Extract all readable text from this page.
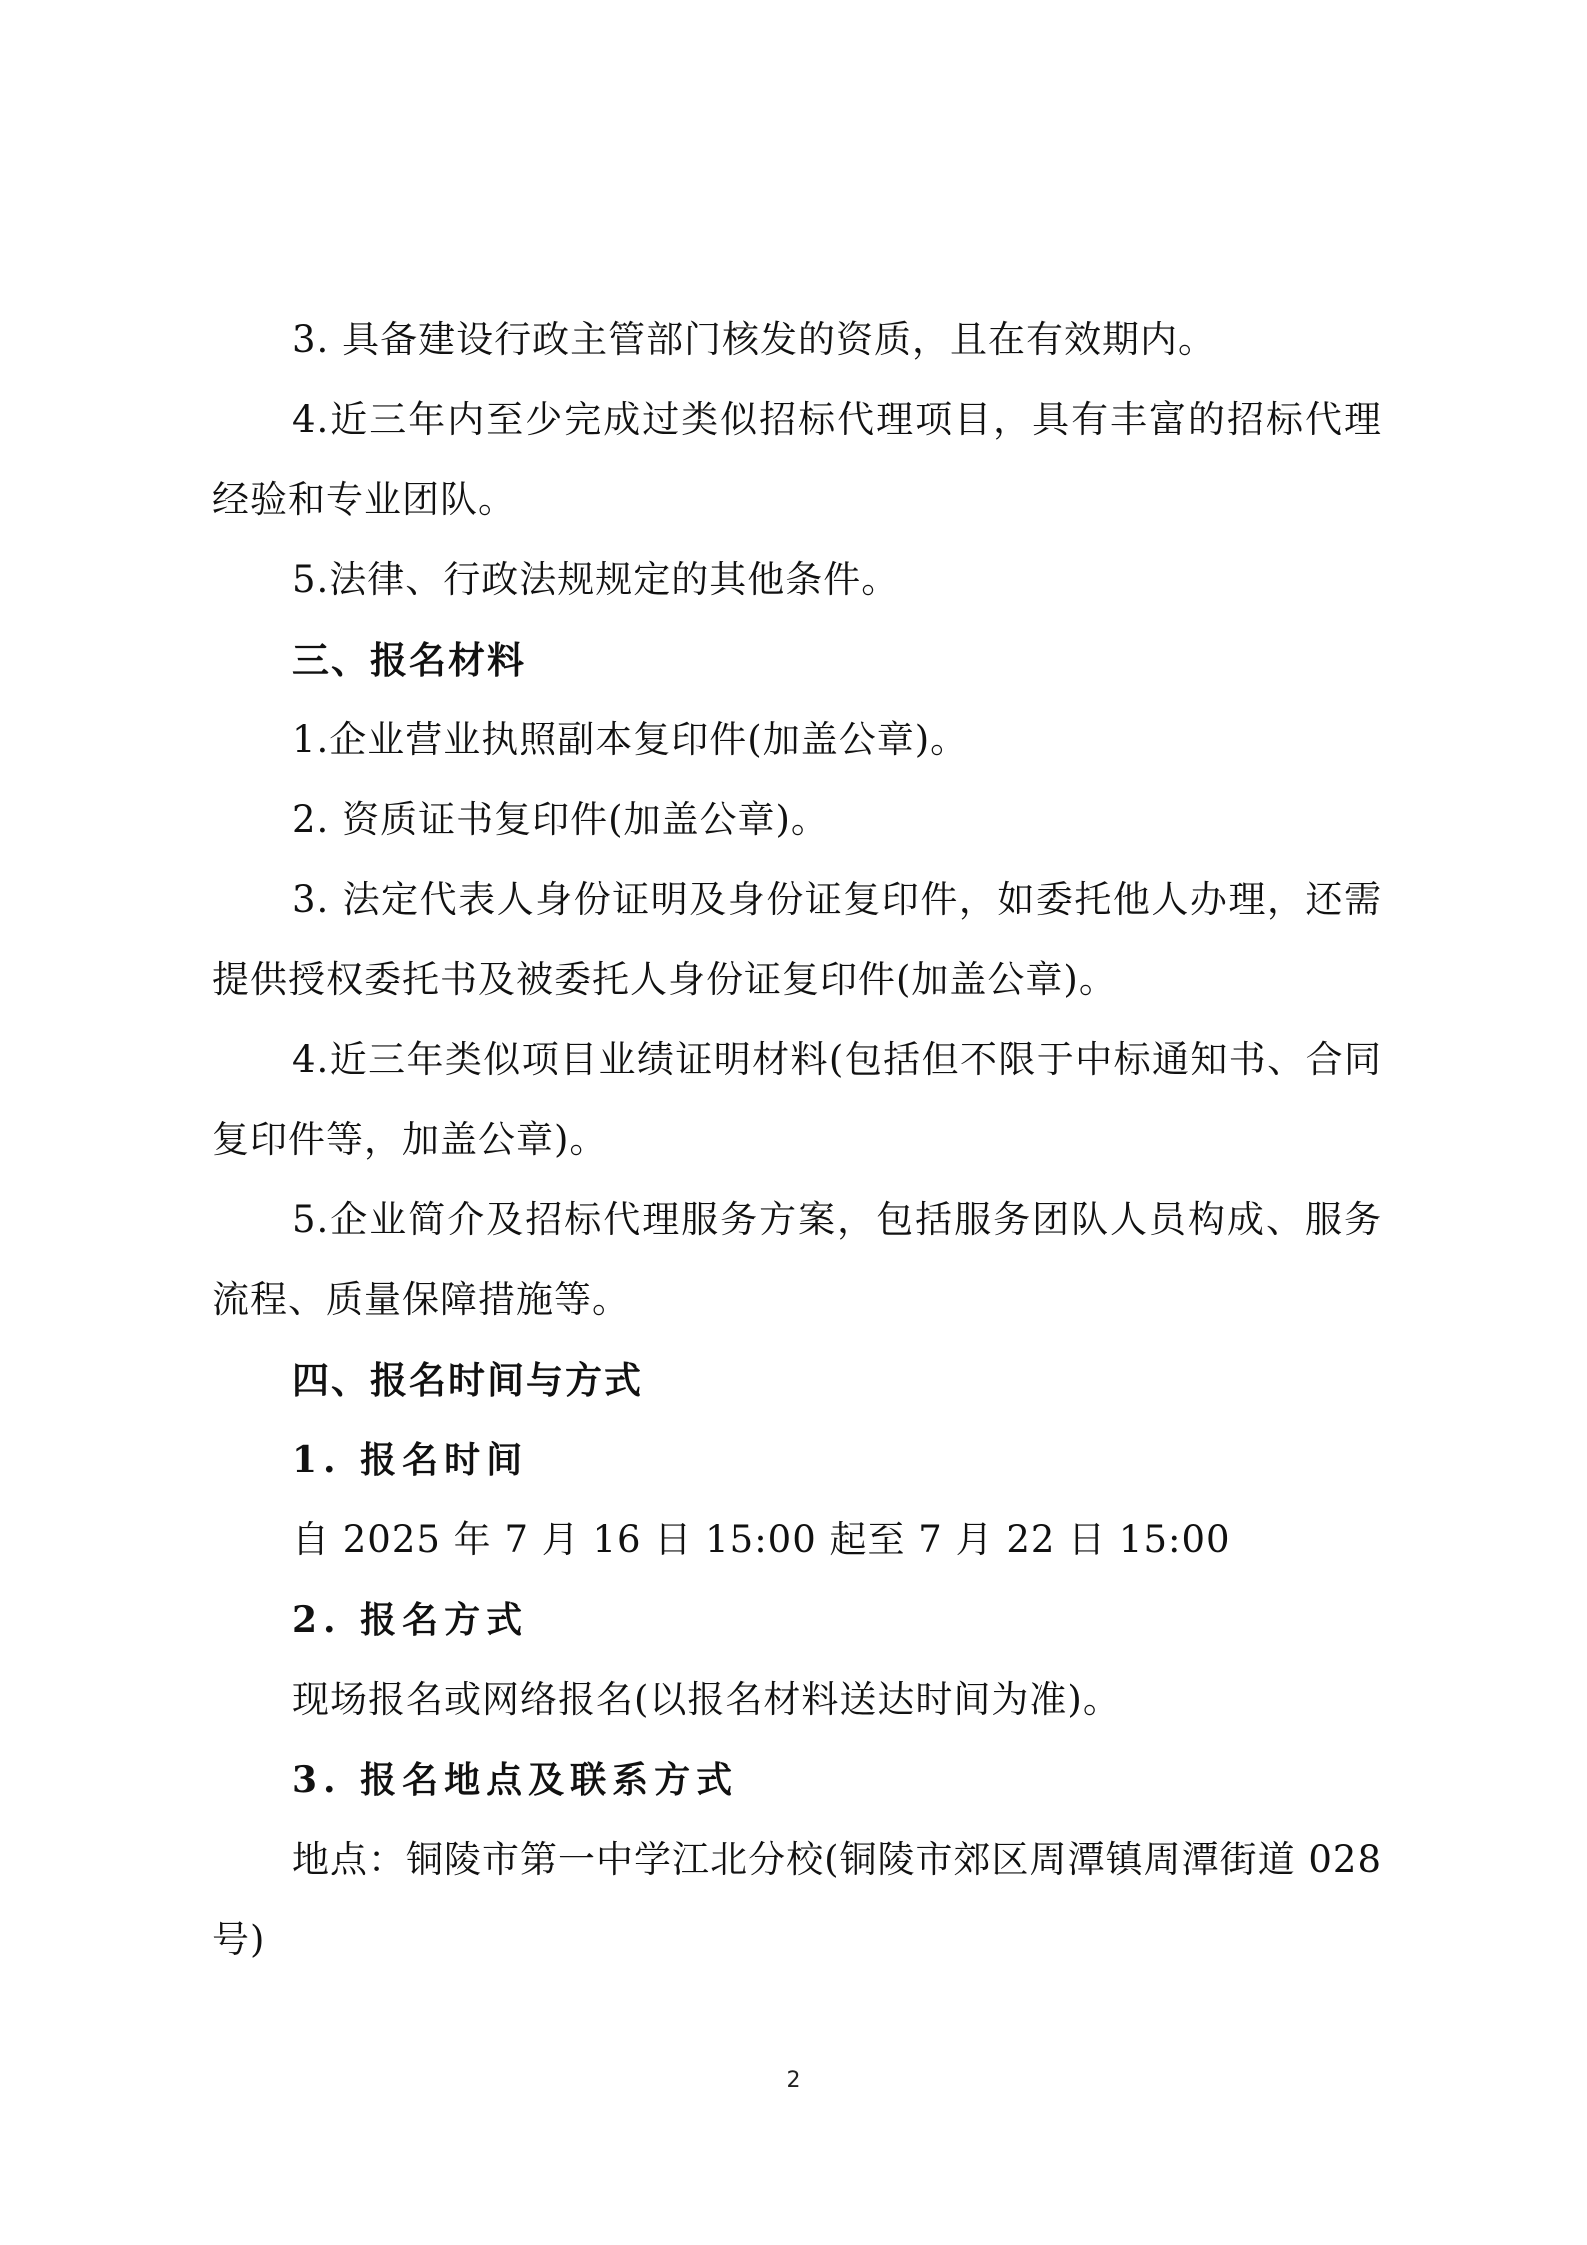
3. 具备建设行政主管部门核发的资质，且在有效期内。

4.近三年内至少完成过类似招标代理项目，具有丰富的招标代理经验和专业团队。

5.法律、行政法规规定的其他条件。

三、报名材料

1.企业营业执照副本复印件(加盖公章)。

2. 资质证书复印件(加盖公章)。

3. 法定代表人身份证明及身份证复印件，如委托他人办理，还需提供授权委托书及被委托人身份证复印件(加盖公章)。

4.近三年类似项目业绩证明材料(包括但不限于中标通知书、合同复印件等，加盖公章)。

5.企业简介及招标代理服务方案，包括服务团队人员构成、服务流程、质量保障措施等。

四、报名时间与方式

1. 报名时间

自 2025 年 7 月 16 日 15:00 起至 7 月 22 日 15:00

2. 报名方式

现场报名或网络报名(以报名材料送达时间为准)。

3. 报名地点及联系方式

地点：铜陵市第一中学江北分校(铜陵市郊区周潭镇周潭街道 028 号)

2
